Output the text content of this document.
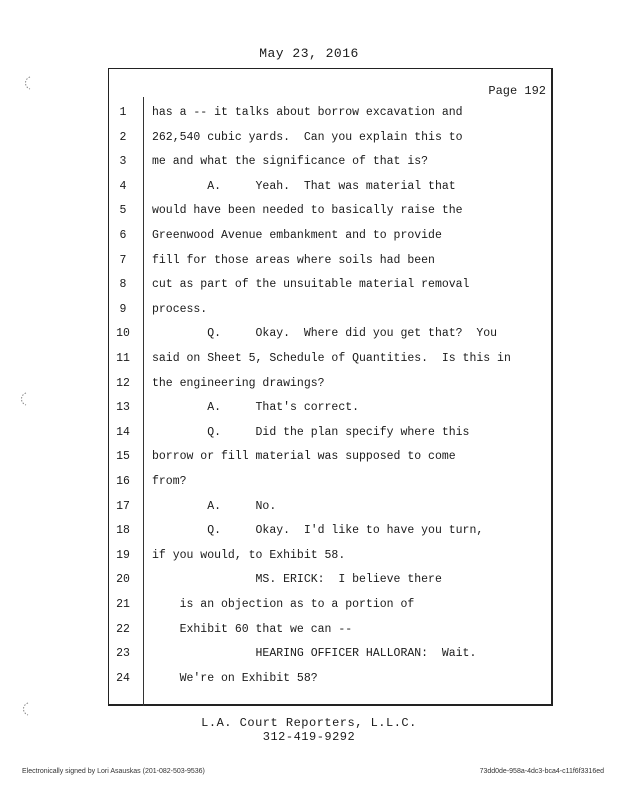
May 23, 2016
Page 192
1	has a -- it talks about borrow excavation and
2	262,540 cubic yards.  Can you explain this to
3	me and what the significance of that is?
4	A.     Yeah.  That was material that
5	would have been needed to basically raise the
6	Greenwood Avenue embankment and to provide
7	fill for those areas where soils had been
8	cut as part of the unsuitable material removal
9	process.
10	Q.     Okay.  Where did you get that?  You
11	said on Sheet 5, Schedule of Quantities.  Is this in
12	the engineering drawings?
13	A.     That's correct.
14	Q.     Did the plan specify where this
15	borrow or fill material was supposed to come
16	from?
17	A.     No.
18	Q.     Okay.  I'd like to have you turn,
19	if you would, to Exhibit 58.
20	MS. ERICK:  I believe there
21	is an objection as to a portion of
22	Exhibit 60 that we can --
23	HEARING OFFICER HALLORAN:  Wait.
24	We're on Exhibit 58?
L.A. Court Reporters, L.L.C.
312-419-9292
Electronically signed by Lori Asauskas (201-082-503-9536)	73dd0de-958a-4dc3-bca4-c11f6f3316ed
